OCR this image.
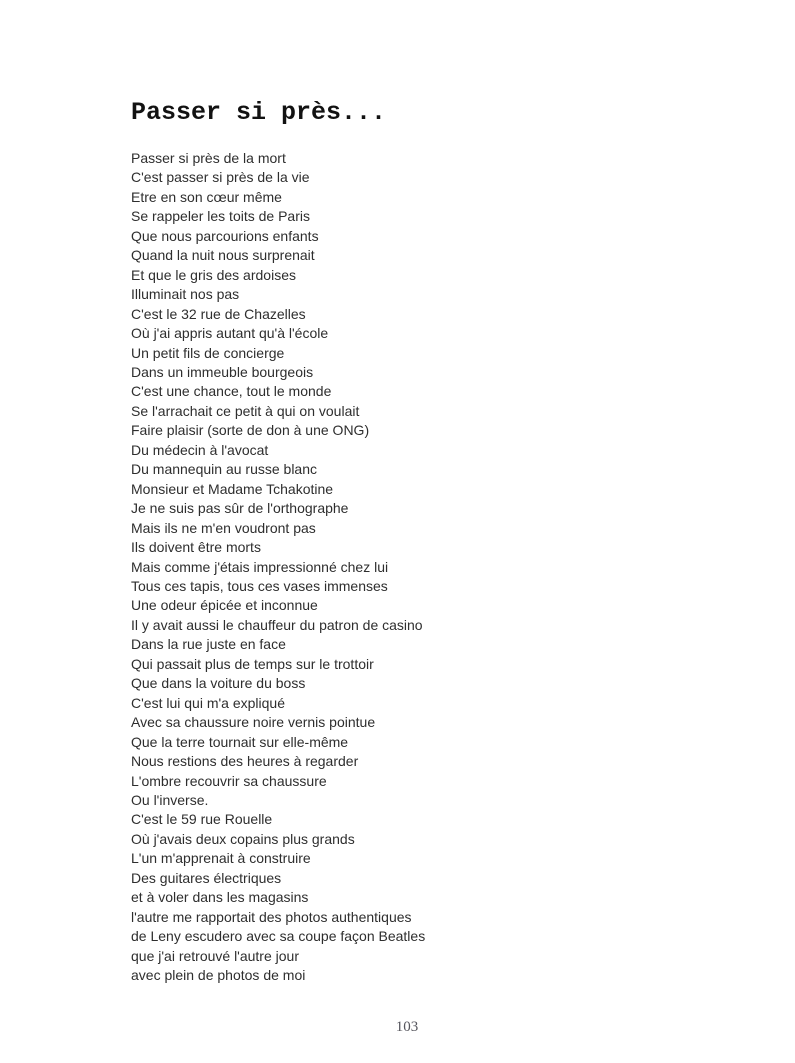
Passer si près...
Passer si près de la mort
C'est passer si près de la vie
Etre en son cœur même
Se rappeler les toits de Paris
Que nous parcourions enfants
Quand la nuit nous surprenait
Et que le gris des ardoises
Illuminait nos pas
C'est le 32 rue de Chazelles
Où j'ai appris autant qu'à l'école
Un petit fils de concierge
Dans un immeuble bourgeois
C'est une chance, tout le monde
Se l'arrachait ce petit à qui on voulait
Faire plaisir (sorte de don à une ONG)
Du médecin à l'avocat
Du mannequin au russe blanc
Monsieur et Madame Tchakotine
Je ne suis pas sûr de l'orthographe
Mais ils ne m'en voudront pas
Ils doivent être morts
Mais comme j'étais impressionné chez lui
Tous ces tapis, tous ces vases immenses
Une odeur épicée et inconnue
Il y avait aussi le chauffeur du patron de casino
Dans la rue juste en face
Qui passait plus de temps sur le trottoir
Que dans la voiture du boss
C'est lui qui m'a expliqué
Avec sa chaussure noire vernis pointue
Que la terre tournait sur elle-même
Nous restions des heures à regarder
L'ombre recouvrir sa chaussure
Ou l'inverse.
C'est le 59 rue Rouelle
Où j'avais deux copains plus grands
L'un m'apprenait à construire
Des guitares électriques
et à voler dans les magasins
l'autre me rapportait des photos authentiques
de Leny escudero avec sa coupe façon Beatles
que j'ai retrouvé l'autre jour
avec plein de photos de moi
103
